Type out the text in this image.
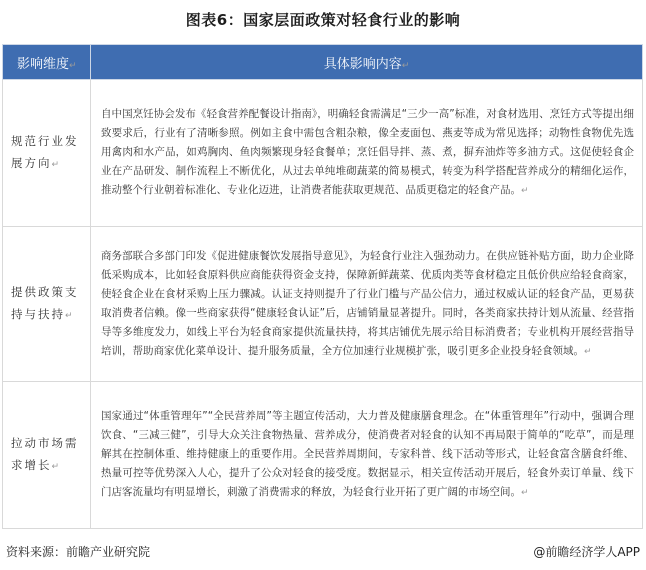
图表6：国家层面政策对轻食行业的影响
影响维度↵	具体影响内容↵
规范行业发展方向↵	自中国烹饪协会发布《轻食营养配餐设计指南》，明确轻食需满足“三少一高”标准，对食材选用、烹饪方式等提出细致要求后，行业有了清晰参照。例如主食中需包含粗杂粮，像全麦面包、燕麦等成为常见选择；动物性食物优先选用禽肉和水产品，如鸡胸肉、鱼肉频繁现身轻食餐单；烹饪倡导拌、蒸、煮，摒弃油炸等多油方式。这促使轻食企业在产品研发、制作流程上不断优化，从过去单纯堆砌蔬菜的简易模式，转变为科学搭配营养成分的精细化运作，推动整个行业朝着标准化、专业化迈进，让消费者能获取更规范、品质更稳定的轻食产品。↵
提供政策支持与扶持↵	商务部联合多部门印发《促进健康餐饮发展指导意见》，为轻食行业注入强劲动力。在供应链补贴方面，助力企业降低采购成本，比如轻食原料供应商能获得资金支持，保障新鲜蔬菜、优质肉类等食材稳定且低价供应给轻食商家，使轻食企业在食材采购上压力骤减。认证支持则提升了行业门槛与产品公信力，通过权威认证的轻食产品，更易获取消费者信赖。像一些商家获得“健康轻食认证”后，店铺销量显著提升。同时，各类商家扶持计划从流量、经营指导等多维度发力，如线上平台为轻食商家提供流量扶持，将其店铺优先展示给目标消费者；专业机构开展经营指导培训，帮助商家优化菜单设计、提升服务质量，全方位加速行业规模扩张，吸引更多企业投身轻食领域。↵
拉动市场需求增长↵	国家通过“体重管理年”“全民营养周”等主题宣传活动，大力普及健康膳食理念。在“体重管理年”行动中，强调合理饮食、“三减三健”，引导大众关注食物热量、营养成分，使消费者对轻食的认知不再局限于简单的“吃草”，而是理解其在控制体重、维持健康上的重要作用。全民营养周期间，专家科普、线下活动等形式，让轻食富含膳食纤维、热量可控等优势深入人心，提升了公众对轻食的接受度。数据显示，相关宣传活动开展后，轻食外卖订单量、线下门店客流量均有明显增长，刺激了消费需求的释放，为轻食行业开拓了更广阔的市场空间。↵
资料来源：前瞻产业研究院	@前瞻经济学人APP
